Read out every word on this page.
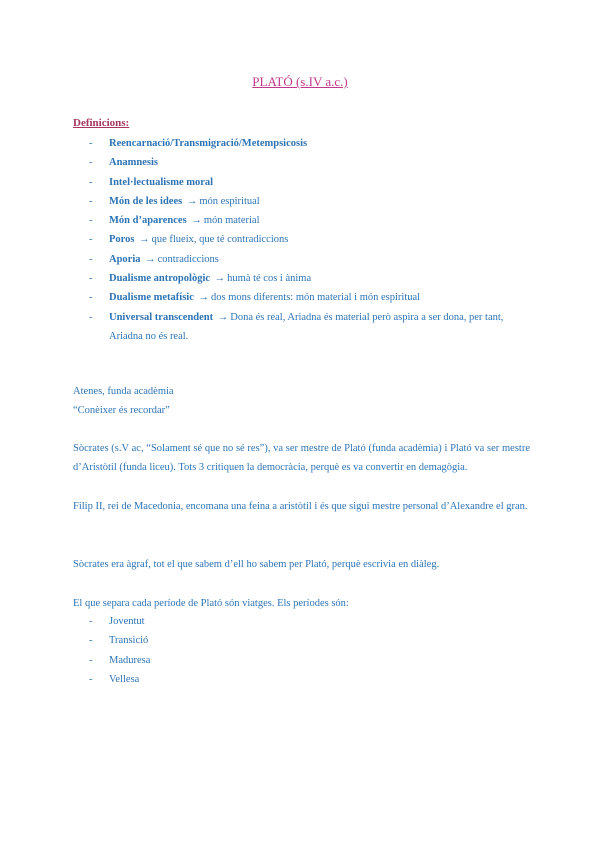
PLATÓ (s.IV a.c.)
Definicions:
- Reencarnació/Transmigració/Metempsicosis
- Anamnesis
- Intel·lectualisme moral
- Món de les idees → món espiritual
- Món d’aparences → món material
- Poros → que flueix, que té contradiccions
- Aporia → contradiccions
- Dualisme antropològic → humà té cos i ànima
- Dualisme metafísic → dos mons diferents: món material i món espiritual
- Universal transcendent → Dona és real, Ariadna és material però aspira a ser dona, per tant, Ariadna no és real.

Atenes, funda acadèmia

“Conèixer és recordar”

Sòcrates (s.V ac, “Solament sé que no sé res”), va ser mestre de Plató (funda acadèmia) i Plató va ser mestre d’Aristòtil (funda liceu). Tots 3 critiquen la democràcia, perquè es va convertir en demagògia.

Filip II, rei de Macedonia, encomana una feina a aristòtil i és que sigui mestre personal d’Alexandre el gran.

Sòcrates era àgraf, tot el que sabem d’ell ho sabem per Plató, perquè escrivia en diàleg.

El que separa cada període de Plató són viatges. Els períodes són:

- Joventut
- Transició
- Maduresa
- Vellesa
